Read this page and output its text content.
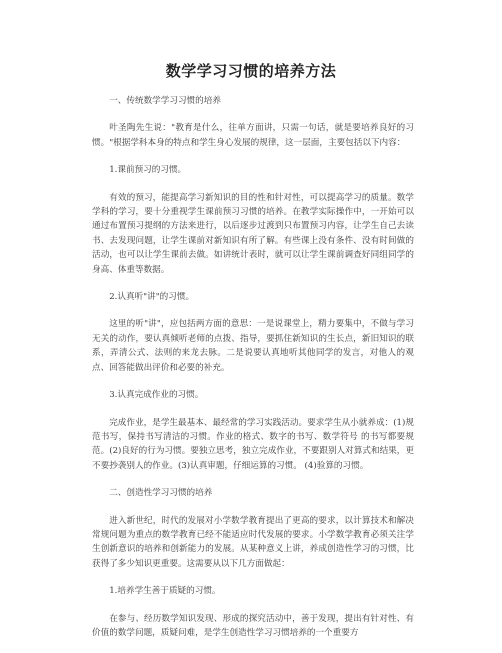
数学学习习惯的培养方法

一、传统数学学习习惯的培养

叶圣陶先生说："教育是什么，往单方面讲，只需一句话，就是要培养良好的习惯。"根据学科本身的特点和学生身心发展的规律，这一层面，主要包括以下内容：

1.课前预习的习惯。

有效的预习，能提高学习新知识的目的性和针对性，可以提高学习的质量。数学学科的学习，要十分重视学生课前预习习惯的培养。在教学实际操作中，一开始可以通过布置预习提纲的方法来进行，以后逐步过渡到只布置预习内容，让学生自己去读书、去发现问题，让学生课前对新知识有所了解。有些课上没有条件、没有时间做的活动，也可以让学生课前去做。如讲统计表时，就可以让学生课前调查好同组同学的身高、体重等数据。

2.认真听"讲"的习惯。

这里的听"讲"，应包括两方面的意思：一是说课堂上，精力要集中，不做与学习无关的动作，要认真倾听老师的点拨、指导，要抓住新知识的生长点，新旧知识的联系，弄清公式、法则的来龙去脉。二是说要认真地听其他同学的发言，对他人的观点、回答能做出评价和必要的补充。

3.认真完成作业的习惯。

完成作业，是学生最基本、最经常的学习实践活动。要求学生从小就养成：(1)规范书写，保持书写清洁的习惯。作业的格式、数字的书写、数学符号 的书写都要规范。(2)良好的行为习惯。要独立思考，独立完成作业，不要跟别人对算式和结果，更不要抄袭别人的作业。(3)认真审题，仔细运算的习惯。 (4)验算的习惯。

二、创造性学习习惯的培养

进入新世纪，时代的发展对小学数学教育提出了更高的要求，以计算技术和解决常规问题为重点的数学教育已经不能适应时代发展的要求。小学数学教育必须关注学生创新意识的培养和创新能力的发展。从某种意义上讲，养成创造性学习的习惯，比获得了多少知识更重要。这需要从以下几方面做起：

1.培养学生善于质疑的习惯。

在参与、经历数学知识发现、形成的探究活动中，善于发现，提出有针对性、有价值的数学问题，质疑问难，是学生创造性学习习惯培养的一个重要方
